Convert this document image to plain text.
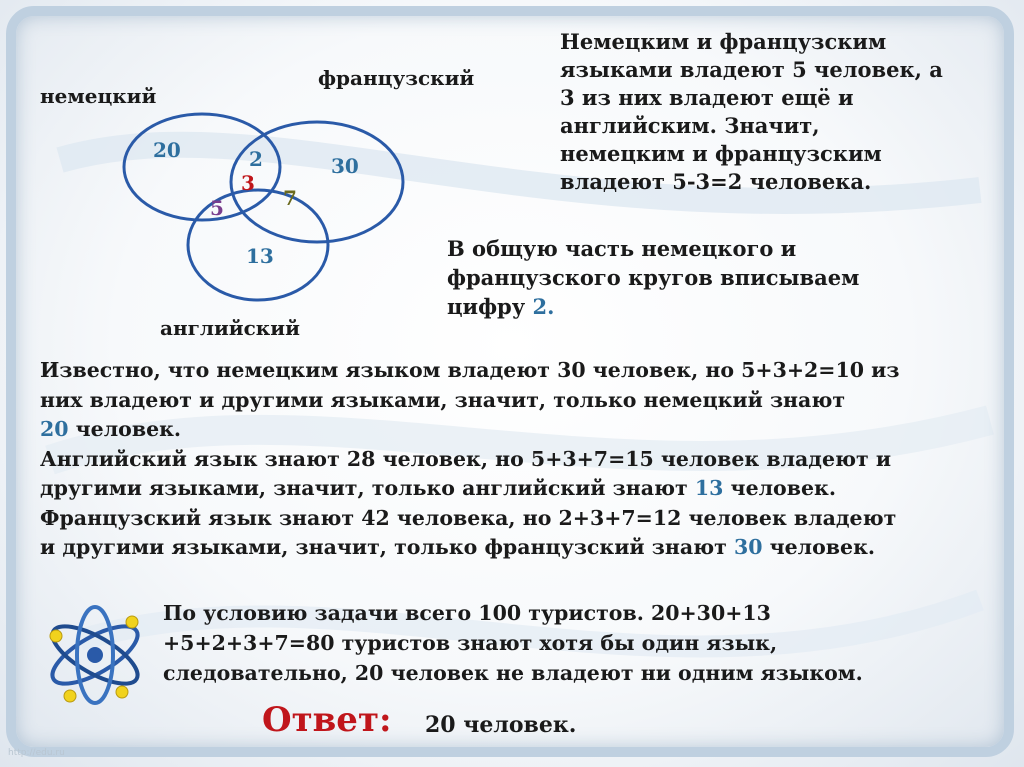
немецкий
французский
английский
20	2
3
30
5	7
13
Немецким и французским
языками владеют 5 человек, а
3 из них владеют ещё и
английским. Значит,
немецким и французским
владеют 5-3=2 человека.
В общую часть немецкого и
французского кругов вписываем
цифру 2.
Известно, что немецким языком владеют 30 человек, но 5+3+2=10 из
них владеют и другими языками, значит, только немецкий знают
20 человек.
Английский язык знают 28 человек, но 5+3+7=15 человек владеют и
другими языками, значит, только английский знают 13 человек.
Французский язык знают 42 человека, но 2+3+7=12 человек владеют
и другими языками, значит, только французский знают 30 человек.
По условию задачи всего 100 туристов. 20+30+13
+5+2+3+7=80 туристов знают хотя бы один язык,
следовательно, 20 человек не владеют ни одним языком.
Ответ: 20 человек.
http://edu.ru
